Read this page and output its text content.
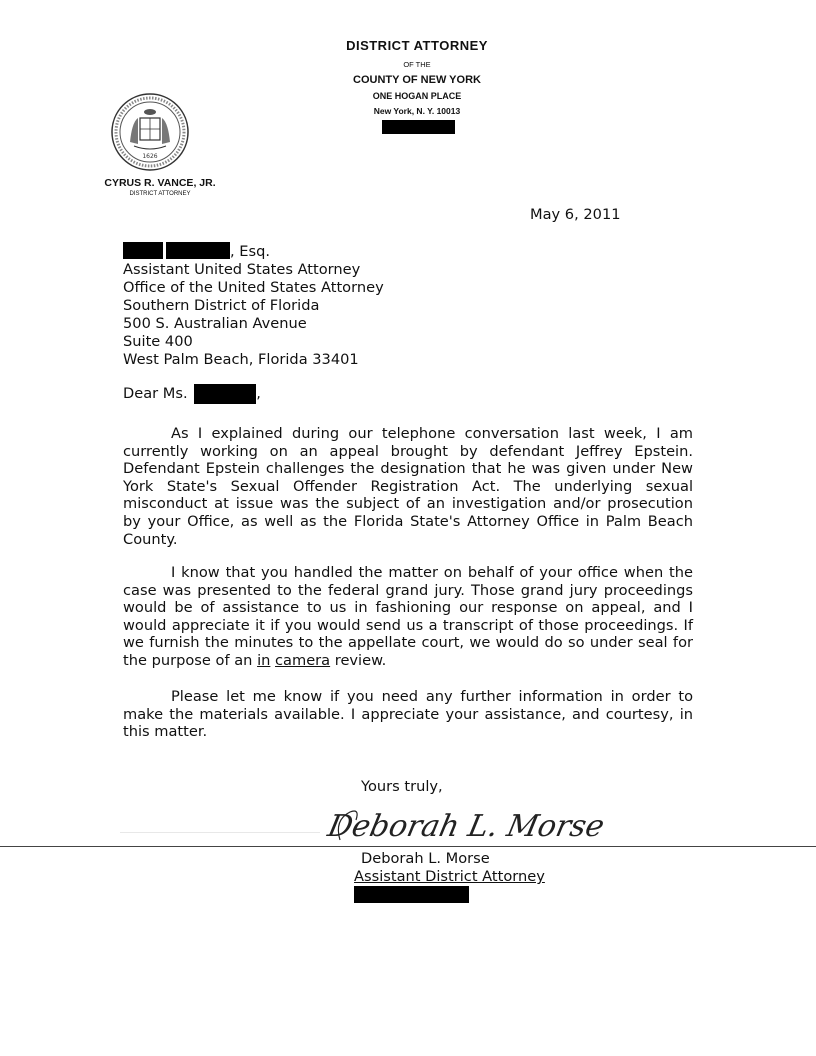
DISTRICT ATTORNEY
OF THE
COUNTY OF NEW YORK
ONE HOGAN PLACE
New York, N. Y. 10013
1626
CYRUS R. VANCE, JR.
DISTRICT ATTORNEY
May 6, 2011
, Esq.
Assistant United States Attorney
Office of the United States Attorney
Southern District of Florida
500 S. Australian Avenue
Suite 400
West Palm Beach, Florida 33401
Dear Ms.	,
As I explained during our telephone conversation last week, I am currently working on an appeal brought by defendant Jeffrey Epstein. Defendant Epstein challenges the designation that he was given under New York State's Sexual Offender Registration Act. The underlying sexual misconduct at issue was the subject of an investigation and/or prosecution by your Office, as well as the Florida State's Attorney Office in Palm Beach County.
I know that you handled the matter on behalf of your office when the case was presented to the federal grand jury. Those grand jury proceedings would be of assistance to us in fashioning our response on appeal, and I would appreciate it if you would send us a transcript of those proceedings. If we furnish the minutes to the appellate court, we would do so under seal for the purpose of an in camera review.
Please let me know if you need any further information in order to make the materials available. I appreciate your assistance, and courtesy, in this matter.
Yours truly,
Deborah L. Morse
Deborah L. Morse
Assistant District Attorney
